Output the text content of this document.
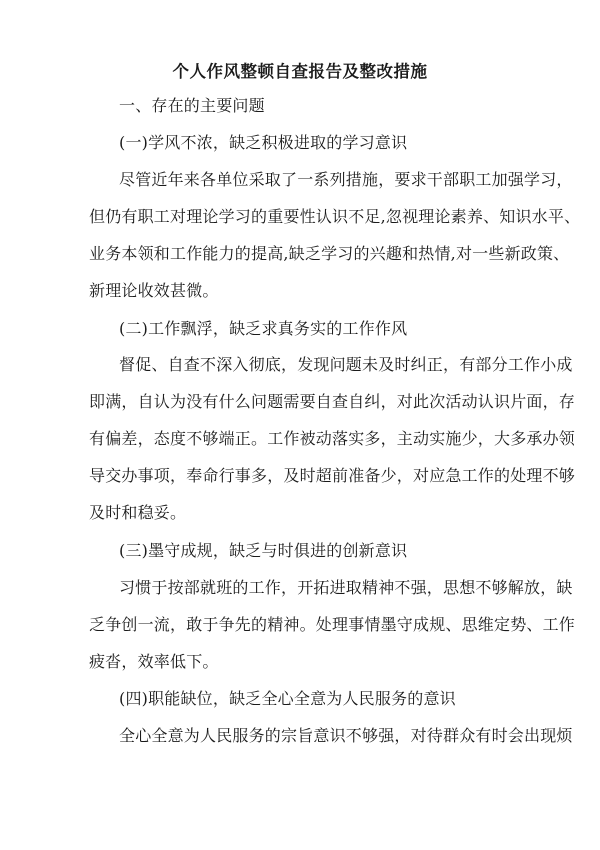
个人作风整顿自查报告及整改措施
一、存在的主要问题
(一)学风不浓，缺乏积极进取的学习意识
尽管近年来各单位采取了一系列措施，要求干部职工加强学习，
但仍有职工对理论学习的重要性认识不足,忽视理论素养、知识水平、
业务本领和工作能力的提高,缺乏学习的兴趣和热情,对一些新政策、
新理论收效甚微。
(二)工作飘浮，缺乏求真务实的工作作风
督促、自查不深入彻底，发现问题未及时纠正，有部分工作小成
即满，自认为没有什么问题需要自查自纠，对此次活动认识片面，存
有偏差，态度不够端正。工作被动落实多，主动实施少，大多承办领
导交办事项，奉命行事多，及时超前准备少，对应急工作的处理不够
及时和稳妥。
(三)墨守成规，缺乏与时俱进的创新意识
习惯于按部就班的工作，开拓进取精神不强，思想不够解放，缺
乏争创一流，敢于争先的精神。处理事情墨守成规、思维定势、工作
疲沓，效率低下。
(四)职能缺位，缺乏全心全意为人民服务的意识
全心全意为人民服务的宗旨意识不够强，对待群众有时会出现烦
